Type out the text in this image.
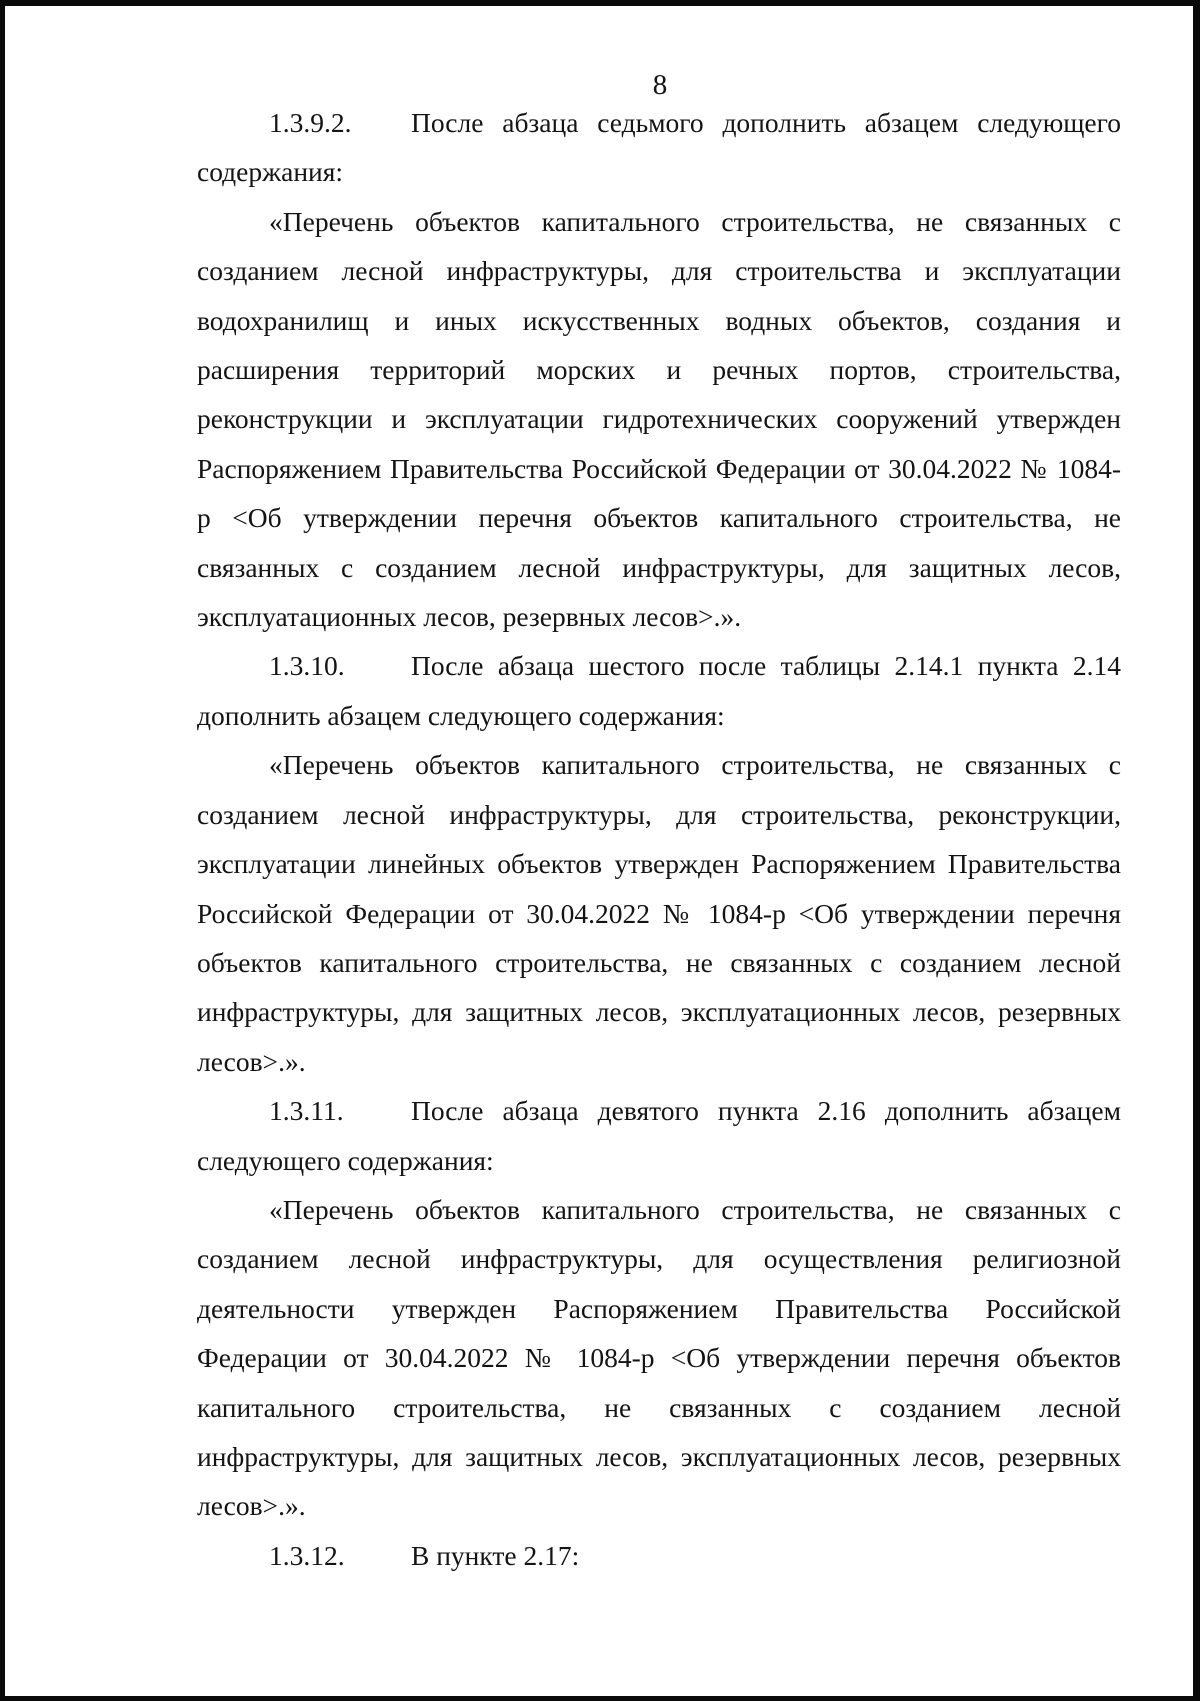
8
1.3.9.2.	После абзаца седьмого дополнить абзацем следующего

содержания:

«Перечень объектов капитального строительства, не связанных с созданием лесной инфраструктуры, для строительства и эксплуатации водохранилищ и иных искусственных водных объектов, создания и расширения территорий морских и речных портов, строительства, реконструкции и эксплуатации гидротехнических сооружений утвержден Распоряжением Правительства Российской Федерации от 30.04.2022 № 1084-р <Об утверждении перечня объектов капитального строительства, не связанных с созданием лесной инфраструктуры, для защитных лесов, эксплуатационных лесов, резервных лесов>.».

1.3.10.	После абзаца шестого после таблицы 2.14.1 пункта 2.14

дополнить абзацем следующего содержания:

«Перечень объектов капитального строительства, не связанных с созданием лесной инфраструктуры, для строительства, реконструкции, эксплуатации линейных объектов утвержден Распоряжением Правительства Российской Федерации от 30.04.2022 № 1084-р <Об утверждении перечня объектов капитального строительства, не связанных с созданием лесной инфраструктуры, для защитных лесов, эксплуатационных лесов, резервных лесов>.».

1.3.11.	После абзаца девятого пункта 2.16 дополнить абзацем

следующего содержания:

«Перечень объектов капитального строительства, не связанных с созданием лесной инфраструктуры, для осуществления религиозной деятельности утвержден Распоряжением Правительства Российской Федерации от 30.04.2022 № 1084-р <Об утверждении перечня объектов капитального строительства, не связанных с созданием лесной инфраструктуры, для защитных лесов, эксплуатационных лесов, резервных лесов>.».

1.3.12.	В пункте 2.17:
